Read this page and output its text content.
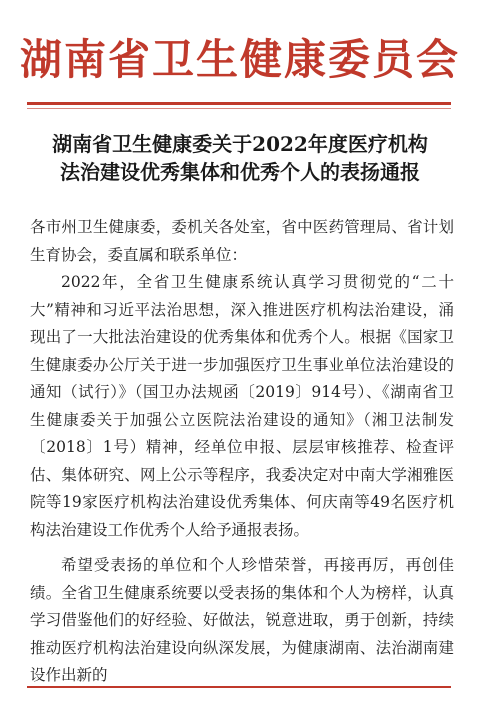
湖南省卫生健康委员会
湖南省卫生健康委关于2022年度医疗机构
法治建设优秀集体和优秀个人的表扬通报

各市州卫生健康委，委机关各处室，省中医药管理局、省计划生育协会，委直属和联系单位：

2022年，全省卫生健康系统认真学习贯彻党的“二十大”精神和习近平法治思想，深入推进医疗机构法治建设，涌现出了一大批法治建设的优秀集体和优秀个人。根据《国家卫生健康委办公厅关于进一步加强医疗卫生事业单位法治建设的通知（试行）》（国卫办法规函〔2019〕914号）、《湖南省卫生健康委关于加强公立医院法治建设的通知》（湘卫法制发〔2018〕1号）精神，经单位申报、层层审核推荐、检查评估、集体研究、网上公示等程序，我委决定对中南大学湘雅医院等19家医疗机构法治建设优秀集体、何庆南等49名医疗机构法治建设工作优秀个人给予通报表扬。

希望受表扬的单位和个人珍惜荣誉，再接再厉，再创佳绩。全省卫生健康系统要以受表扬的集体和个人为榜样，认真学习借鉴他们的好经验、好做法，锐意进取，勇于创新，持续推动医疗机构法治建设向纵深发展，为健康湖南、法治湖南建设作出新的
